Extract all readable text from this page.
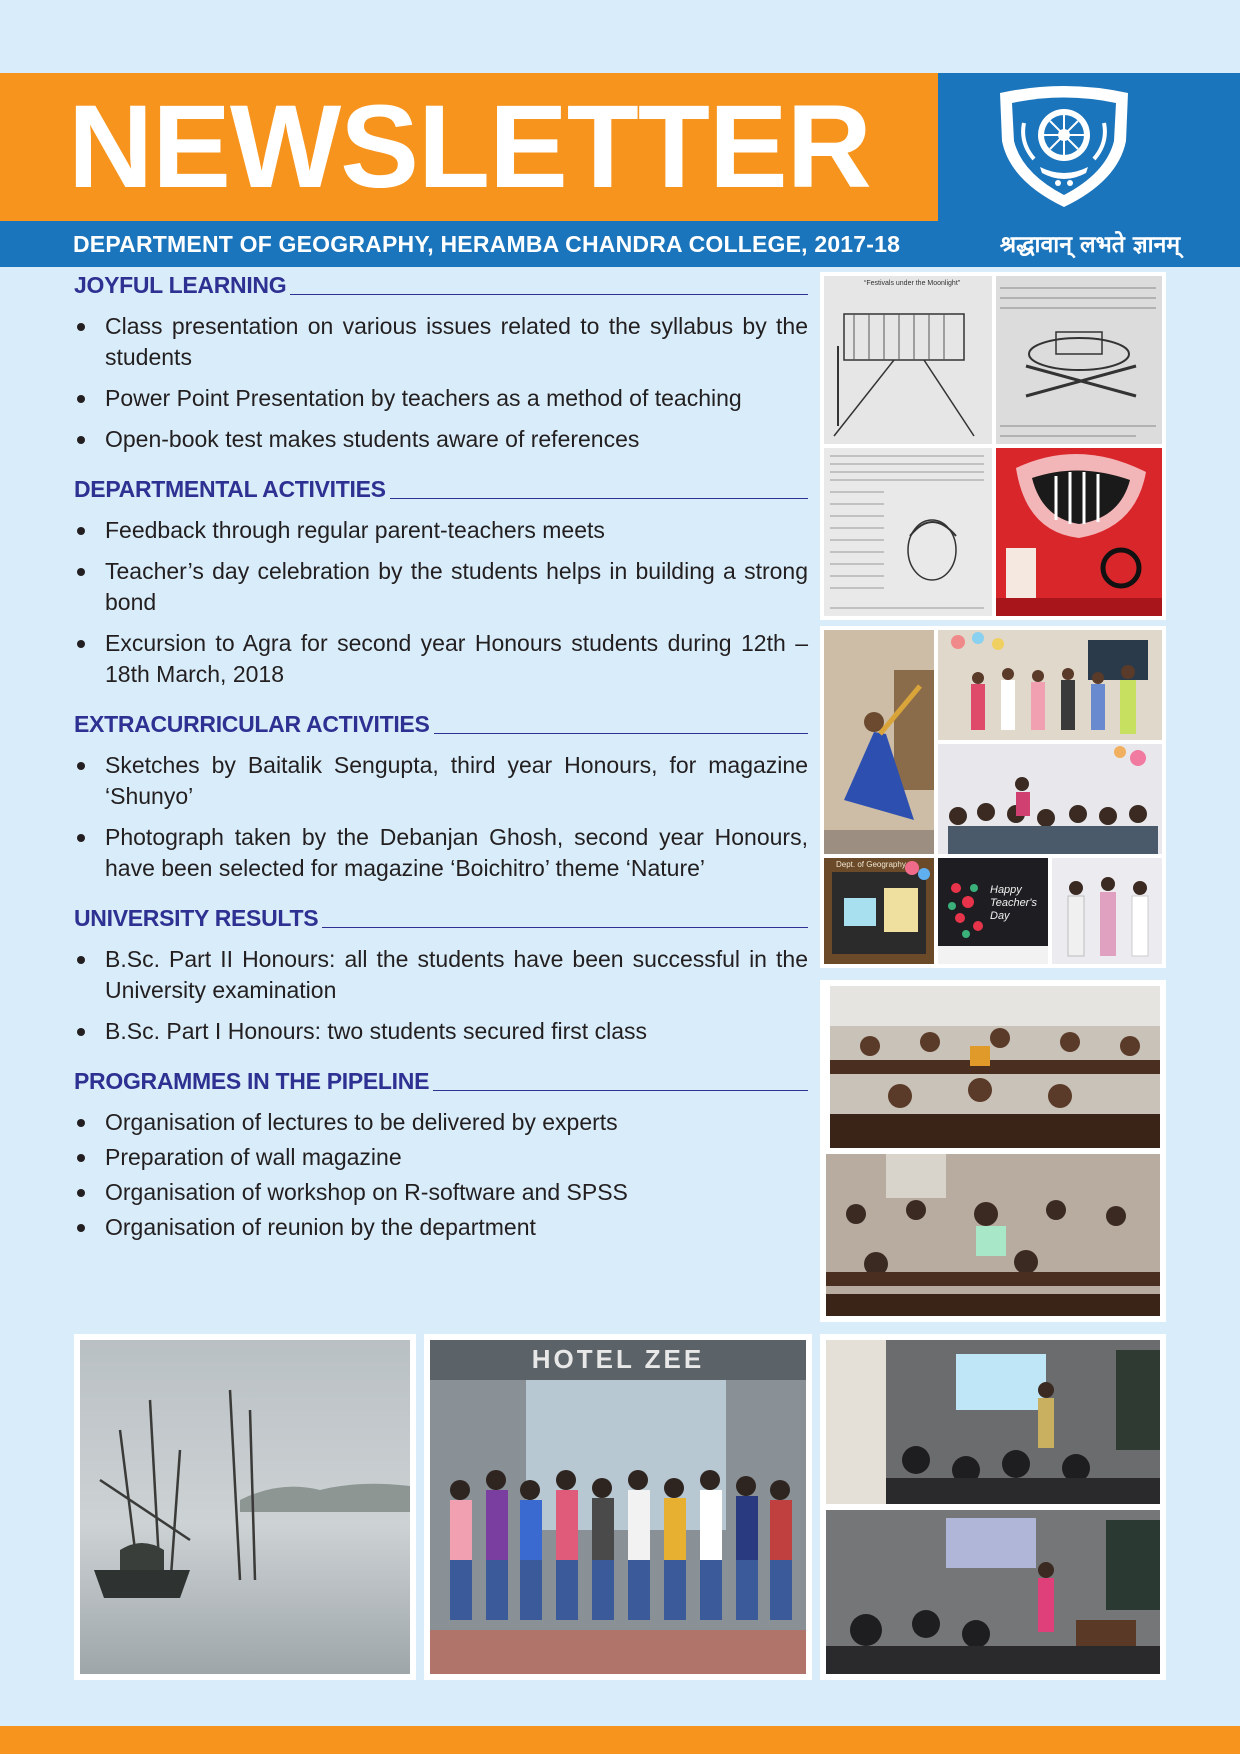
NEWSLETTER
DEPARTMENT OF GEOGRAPHY, HERAMBA CHANDRA COLLEGE, 2017-18	श्रद्धावान् लभते ज्ञानम्
JOYFUL LEARNING
Class presentation on various issues related to the syllabus by the students
Power Point Presentation by teachers as a method of teaching
Open-book test makes students aware of references
DEPARTMENTAL ACTIVITIES
Feedback through regular parent-teachers meets
Teacher’s day celebration by the students helps in building a strong bond
Excursion to Agra for second year Honours students during 12th – 18th March, 2018
EXTRACURRICULAR ACTIVITIES
Sketches by Baitalik Sengupta, third year Honours, for magazine ‘Shunyo’
Photograph taken by the Debanjan Ghosh, second year Honours, have been selected for magazine ‘Boichitro’ theme ‘Nature’
UNIVERSITY RESULTS
B.Sc. Part II Honours: all the students have been successful in the University examination
B.Sc. Part I Honours: two students secured first class
PROGRAMMES IN THE PIPELINE
Organisation of lectures to be delivered by experts
Preparation of wall magazine
Organisation of workshop on R-software and SPSS
Organisation of reunion by the department
“Festivals under the Moonlight”
Dept. of Geography
Happy Teacher's Day
HOTEL ZEE
